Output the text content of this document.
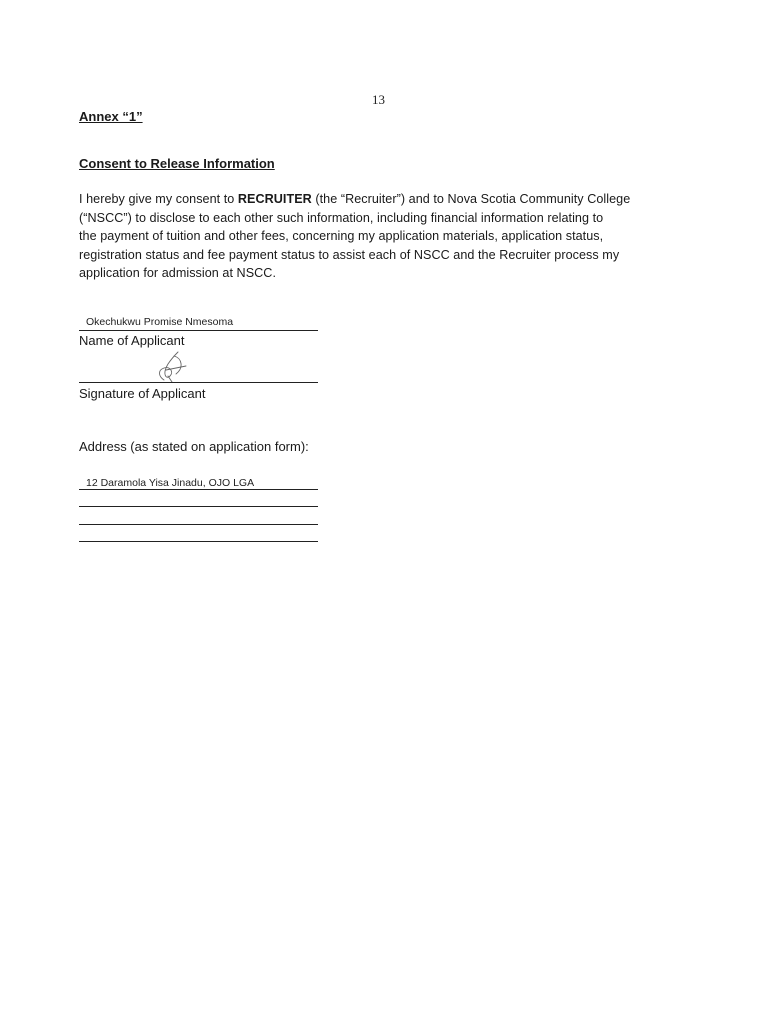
13
Annex “1”
Consent to Release Information
I hereby give my consent to RECRUITER (the “Recruiter”) and to Nova Scotia Community College
(“NSCC”) to disclose to each other such information, including financial information relating to
the payment of tuition and other fees, concerning my application materials, application status,
registration status and fee payment status to assist each of NSCC and the Recruiter process my
application for admission at NSCC.
Okechukwu Promise Nmesoma
Name of Applicant
Signature of Applicant
Address (as stated on application form):
12 Daramola Yisa Jinadu, OJO LGA
